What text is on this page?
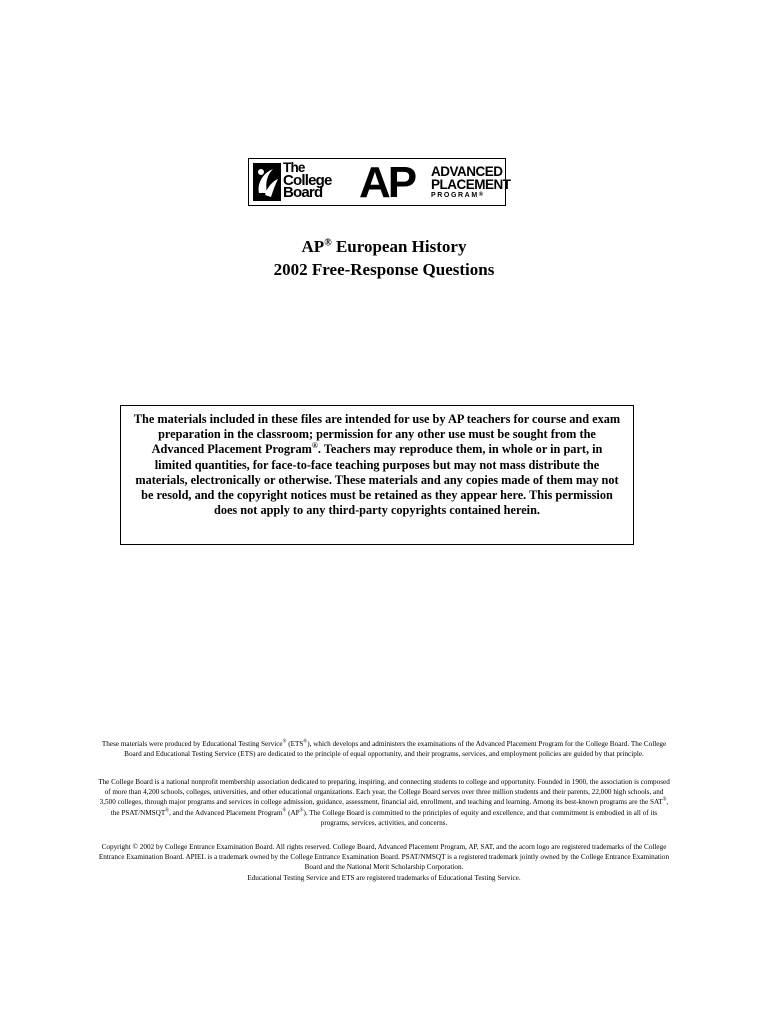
The
College
Board AP ADVANCED
PLACEMENT
PROGRAM®
AP® European History
2002 Free-Response Questions
The materials included in these files are intended for use by AP teachers for course and exam preparation in the classroom; permission for any other use must be sought from the Advanced Placement Program®. Teachers may reproduce them, in whole or in part, in limited quantities, for face-to-face teaching purposes but may not mass distribute the materials, electronically or otherwise. These materials and any copies made of them may not be resold, and the copyright notices must be retained as they appear here. This permission does not apply to any third-party copyrights contained herein.
These materials were produced by Educational Testing Service® (ETS®), which develops and administers the examinations of the Advanced Placement Program for the College Board. The College Board and Educational Testing Service (ETS) are dedicated to the principle of equal opportunity, and their programs, services, and employment policies are guided by that principle.
The College Board is a national nonprofit membership association dedicated to preparing, inspiring, and connecting students to college and opportunity. Founded in 1900, the association is composed of more than 4,200 schools, colleges, universities, and other educational organizations. Each year, the College Board serves over three million students and their parents, 22,000 high schools, and 3,500 colleges, through major programs and services in college admission, guidance, assessment, financial aid, enrollment, and teaching and learning. Among its best-known programs are the SAT®, the PSAT/NMSQT®, and the Advanced Placement Program® (AP®). The College Board is committed to the principles of equity and excellence, and that commitment is embodied in all of its programs, services, activities, and concerns.
Copyright © 2002 by College Entrance Examination Board. All rights reserved. College Board, Advanced Placement Program, AP, SAT, and the acorn logo are registered trademarks of the College Entrance Examination Board. APIEL is a trademark owned by the College Entrance Examination Board. PSAT/NMSQT is a registered trademark jointly owned by the College Entrance Examination Board and the National Merit Scholarship Corporation.
Educational Testing Service and ETS are registered trademarks of Educational Testing Service.
